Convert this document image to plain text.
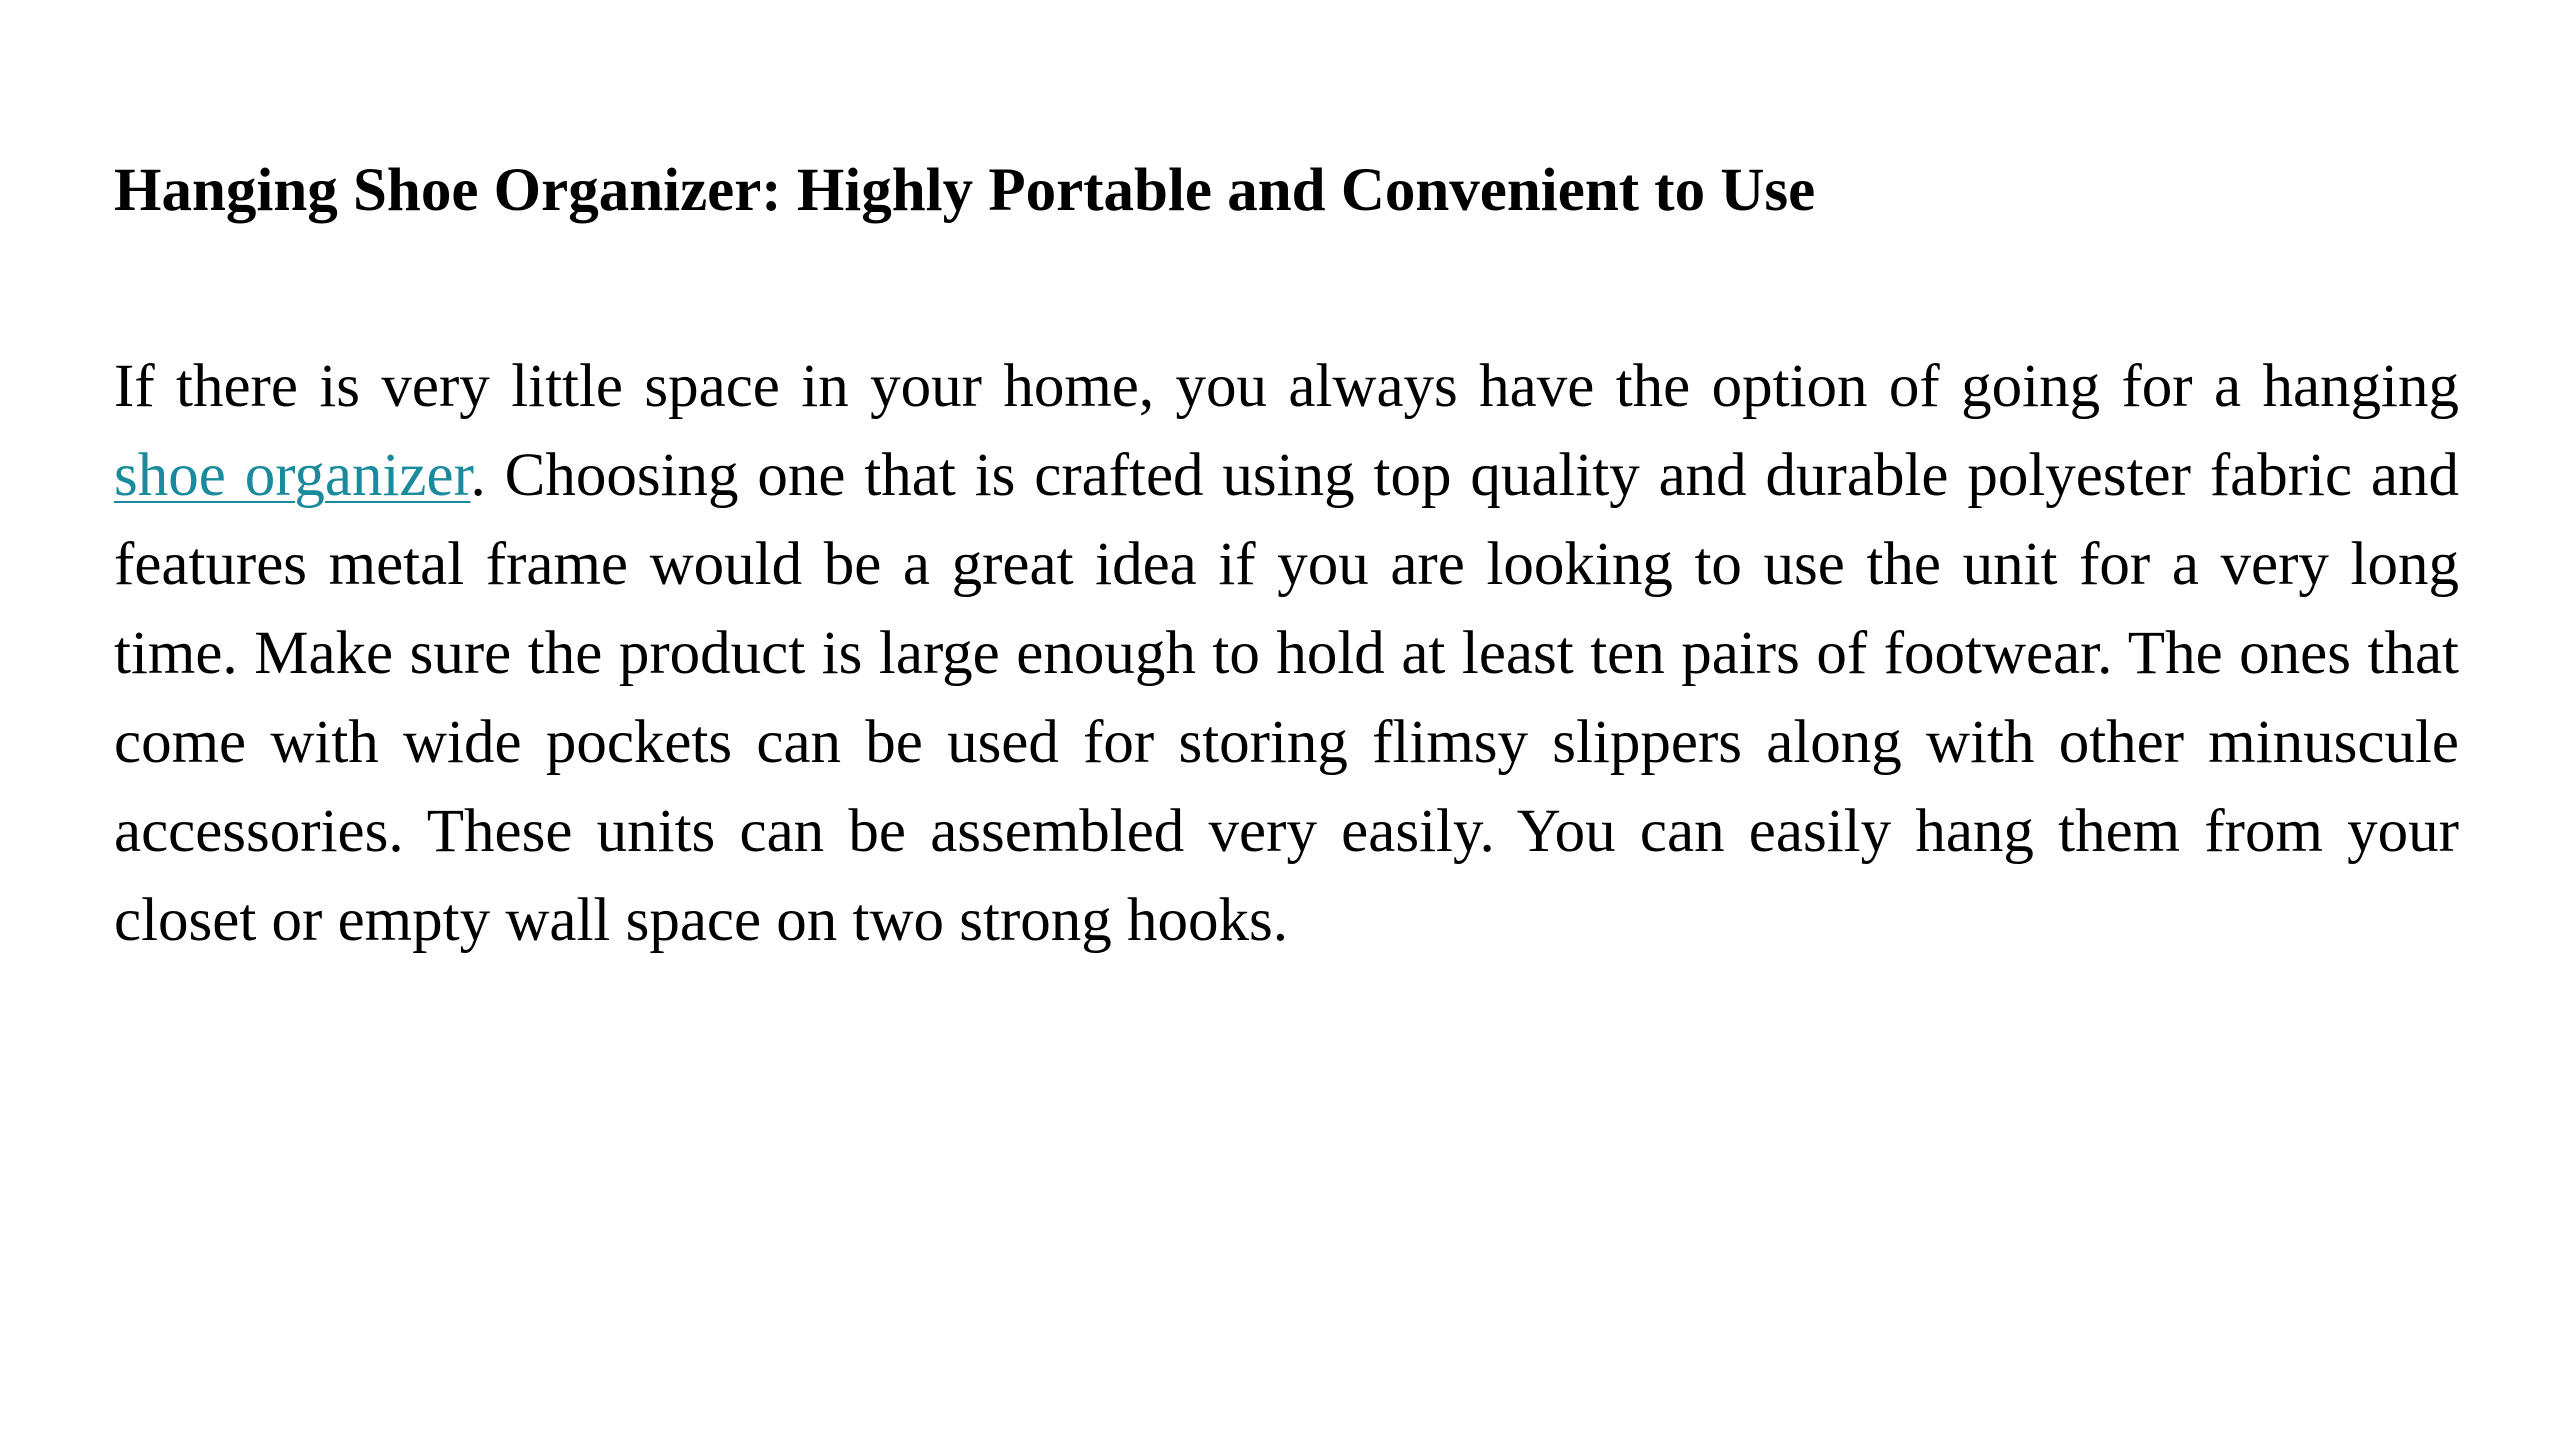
Hanging Shoe Organizer: Highly Portable and Convenient to Use

If there is very little space in your home, you always have the option of going for a hanging shoe organizer. Choosing one that is crafted using top quality and durable polyester fabric and features metal frame would be a great idea if you are looking to use the unit for a very long time. Make sure the product is large enough to hold at least ten pairs of footwear. The ones that come with wide pockets can be used for storing flimsy slippers along with other minuscule accessories. These units can be assembled very easily. You can easily hang them from your closet or empty wall space on two strong hooks.
